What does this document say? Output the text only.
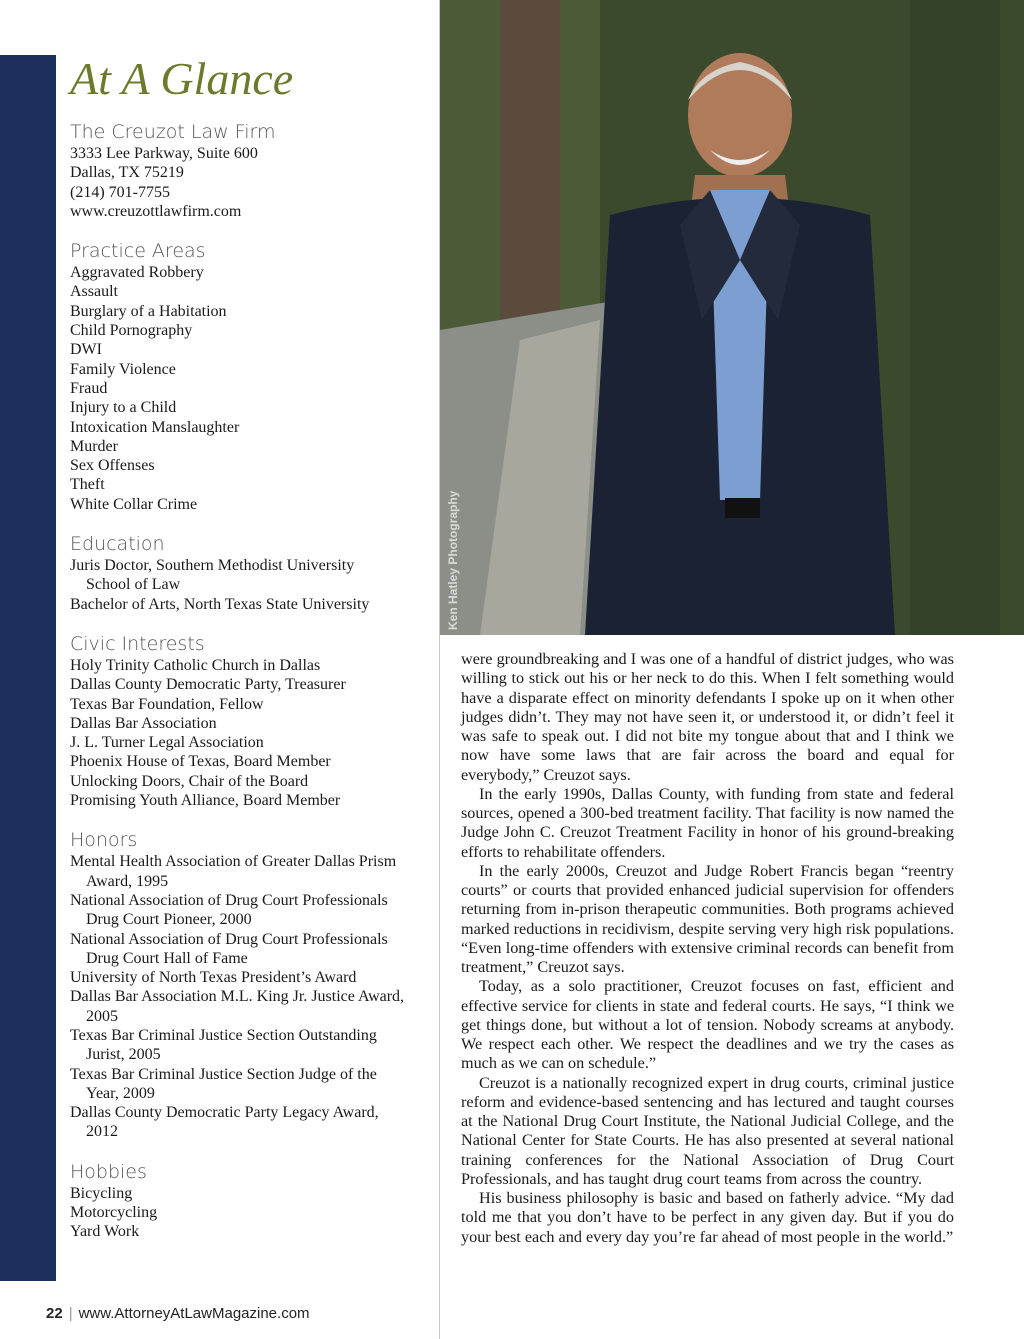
At A Glance
The Creuzot Law Firm
3333 Lee Parkway, Suite 600
Dallas, TX 75219
(214) 701-7755
www.creuzottlawfirm.com
Practice Areas
Aggravated Robbery
Assault
Burglary of a Habitation
Child Pornography
DWI
Family Violence
Fraud
Injury to a Child
Intoxication Manslaughter
Murder
Sex Offenses
Theft
White Collar Crime
Education
Juris Doctor, Southern Methodist University
School of Law
Bachelor of Arts, North Texas State University
Civic Interests
Holy Trinity Catholic Church in Dallas
Dallas County Democratic Party, Treasurer
Texas Bar Foundation, Fellow
Dallas Bar Association
J. L. Turner Legal Association
Phoenix House of Texas, Board Member
Unlocking Doors, Chair of the Board
Promising Youth Alliance, Board Member
Honors
Mental Health Association of Greater Dallas Prism
Award, 1995
National Association of Drug Court Professionals
Drug Court Pioneer, 2000
National Association of Drug Court Professionals
Drug Court Hall of Fame
University of North Texas President’s Award
Dallas Bar Association M.L. King Jr. Justice Award,
2005
Texas Bar Criminal Justice Section Outstanding
Jurist, 2005
Texas Bar Criminal Justice Section Judge of the
Year, 2009
Dallas County Democratic Party Legacy Award,
2012
Hobbies
Bicycling
Motorcycling
Yard Work
Ken Hatley Photography

were groundbreaking and I was one of a handful of district judges, who was willing to stick out his or her neck to do this. When I felt something would have a disparate effect on minority defendants I spoke up on it when other judges didn’t. They may not have seen it, or understood it, or didn’t feel it was safe to speak out. I did not bite my tongue about that and I think we now have some laws that are fair across the board and equal for everybody,” Creuzot says.

In the early 1990s, Dallas County, with funding from state and federal sources, opened a 300-bed treatment facility. That facility is now named the Judge John C. Creuzot Treatment Facility in honor of his ground-breaking efforts to rehabilitate offenders.

In the early 2000s, Creuzot and Judge Robert Francis began “reentry courts” or courts that provided enhanced judicial supervision for offenders returning from in-prison therapeutic communities. Both programs achieved marked reductions in recidivism, despite serving very high risk populations. “Even long-time offenders with extensive criminal records can benefit from treatment,” Creuzot says.

Today, as a solo practitioner, Creuzot focuses on fast, efficient and effective service for clients in state and federal courts. He says, “I think we get things done, but without a lot of tension. Nobody screams at anybody. We respect each other. We respect the deadlines and we try the cases as much as we can on schedule.”

Creuzot is a nationally recognized expert in drug courts, criminal justice reform and evidence-based sentencing and has lectured and taught courses at the National Drug Court Institute, the National Judicial College, and the National Center for State Courts. He has also presented at several national training conferences for the National Association of Drug Court Professionals, and has taught drug court teams from across the country.

His business philosophy is basic and based on fatherly advice. “My dad told me that you don’t have to be perfect in any given day. But if you do your best each and every day you’re far ahead of most people in the world.”

22 | www.AttorneyAtLawMagazine.com
